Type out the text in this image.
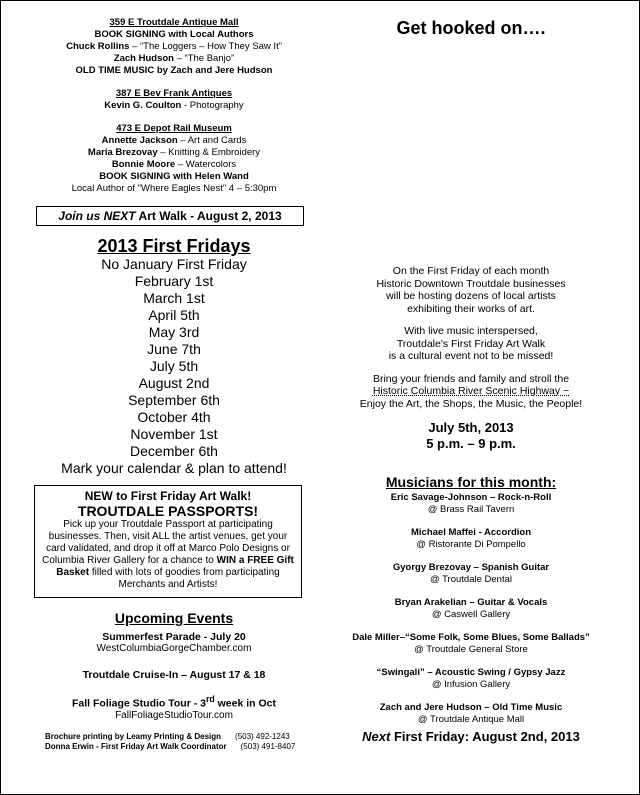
359 E Troutdale Antique Mall
BOOK SIGNING with Local Authors
Chuck Rollins – “The Loggers – How They Saw It”
Zach Hudson – “The Banjo”
OLD TIME MUSIC by Zach and Jere Hudson
387 E Bev Frank Antiques
Kevin G. Coulton - Photography
473 E Depot Rail Museum
Annette Jackson – Art and Cards
Maria Brezovay – Knitting & Embroidery
Bonnie Moore – Watercolors
BOOK SIGNING with Helen Wand
Local Author of "Where Eagles Nest" 4 – 5:30pm
Join us NEXT Art Walk - August 2, 2013
2013 First Fridays
No January First Friday
February 1st
March 1st
April 5th
May 3rd
June 7th
July 5th
August 2nd
September 6th
October 4th
November 1st
December 6th
Mark your calendar & plan to attend!
NEW to First Friday Art Walk!
TROUTDALE PASSPORTS!
Pick up your Troutdale Passport at participating businesses. Then, visit ALL the artist venues, get your card validated, and drop it off at Marco Polo Designs or Columbia River Gallery for a chance to WIN a FREE Gift Basket filled with lots of goodies from participating Merchants and Artists!
Upcoming Events
Summerfest Parade - July 20
WestColumbiaGorgeChamber.com
Troutdale Cruise-In – August 17 & 18
Fall Foliage Studio Tour - 3rd week in Oct
FallFoliageStudioTour.com
Brochure printing by Leamy Printing & Design (503) 492-1243
Donna Erwin - First Friday Art Walk Coordinator (503) 491-8407
Get hooked on….

On the First Friday of each month
Historic Downtown Troutdale businesses
will be hosting dozens of local artists
exhibiting their works of art.

With live music interspersed,
Troutdale's First Friday Art Walk
is a cultural event not to be missed!

Bring your friends and family and stroll the
Historic Columbia River Scenic Highway ~
Enjoy the Art, the Shops, the Music, the People!

July 5th, 2013
5 p.m. – 9 p.m.
Musicians for this month:
Eric Savage-Johnson – Rock-n-Roll
@ Brass Rail Tavern
Michael Maffei - Accordion
@ Ristorante Di Pompello
Gyorgy Brezovay – Spanish Guitar
@ Troutdale Dental
Bryan Arakelian – Guitar & Vocals
@ Caswell Gallery
Dale Miller–“Some Folk, Some Blues, Some Ballads”
@ Troutdale General Store
“Swingali” – Acoustic Swing / Gypsy Jazz
@ Infusion Gallery
Zach and Jere Hudson – Old Time Music
@ Troutdale Antique Mall
Next First Friday: August 2nd, 2013
